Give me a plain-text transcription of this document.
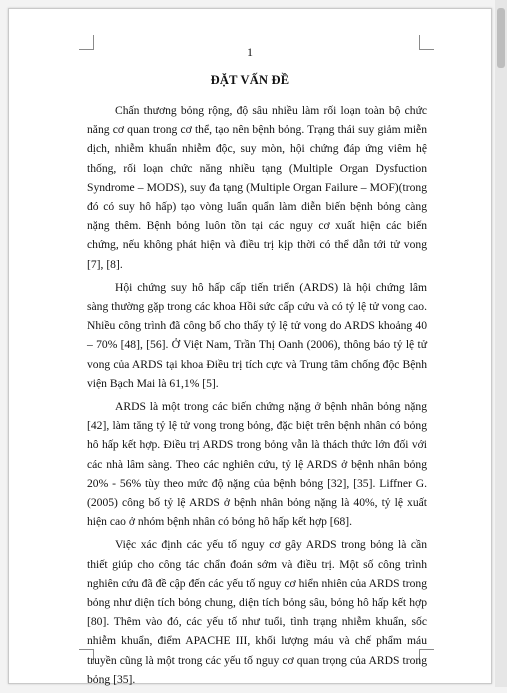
1
ĐẶT VẤN ĐỀ

Chấn thương bỏng rộng, độ sâu nhiều làm rối loạn toàn bộ chức năng cơ quan trong cơ thể, tạo nên bệnh bỏng. Trạng thái suy giảm miễn dịch, nhiễm khuẩn nhiễm độc, suy mòn, hội chứng đáp ứng viêm hệ thống, rối loạn chức năng nhiều tạng (Multiple Organ Dysfuction Syndrome – MODS), suy đa tạng (Multiple Organ Failure – MOF)(trong đó có suy hô hấp) tạo vòng luẩn quẩn làm diễn biến bệnh bỏng càng nặng thêm. Bệnh bỏng luôn tồn tại các nguy cơ xuất hiện các biến chứng, nếu không phát hiện và điều trị kịp thời có thể dẫn tới tử vong [7], [8].

Hội chứng suy hô hấp cấp tiến triển (ARDS) là hội chứng lâm sàng thường gặp trong các khoa Hồi sức cấp cứu và có tỷ lệ tử vong cao. Nhiều công trình đã công bố cho thấy tỷ lệ tử vong do ARDS khoảng 40 – 70% [48], [56]. Ở Việt Nam, Trần Thị Oanh (2006), thông báo tỷ lệ tử vong của ARDS tại khoa Điều trị tích cực và Trung tâm chống độc Bệnh viện Bạch Mai là 61,1% [5].

ARDS là một trong các biến chứng nặng ở bệnh nhân bỏng nặng [42], làm tăng tỷ lệ tử vong trong bỏng, đặc biệt trên bệnh nhân có bỏng hô hấp kết hợp. Điều trị ARDS trong bỏng vẫn là thách thức lớn đối với các nhà lâm sàng. Theo các nghiên cứu, tỷ lệ ARDS ở bệnh nhân bỏng 20% - 56% tùy theo mức độ nặng của bệnh bỏng [32], [35]. Liffner G. (2005) công bố tỷ lệ ARDS ở bệnh nhân bỏng nặng là 40%, tỷ lệ xuất hiện cao ở nhóm bệnh nhân có bỏng hô hấp kết hợp [68].

Việc xác định các yếu tố nguy cơ gây ARDS trong bỏng là cần thiết giúp cho công tác chẩn đoán sớm và điều trị. Một số công trình nghiên cứu đã đề cập đến các yếu tố nguy cơ hiển nhiên của ARDS trong bỏng như diện tích bỏng chung, diện tích bỏng sâu, bỏng hô hấp kết hợp [80]. Thêm vào đó, các yếu tố như tuổi, tình trạng nhiễm khuẩn, sốc nhiễm khuẩn, điểm APACHE III, khối lượng máu và chế phẩm máu truyền cũng là một trong các yếu tố nguy cơ quan trọng của ARDS trong bỏng [35].
